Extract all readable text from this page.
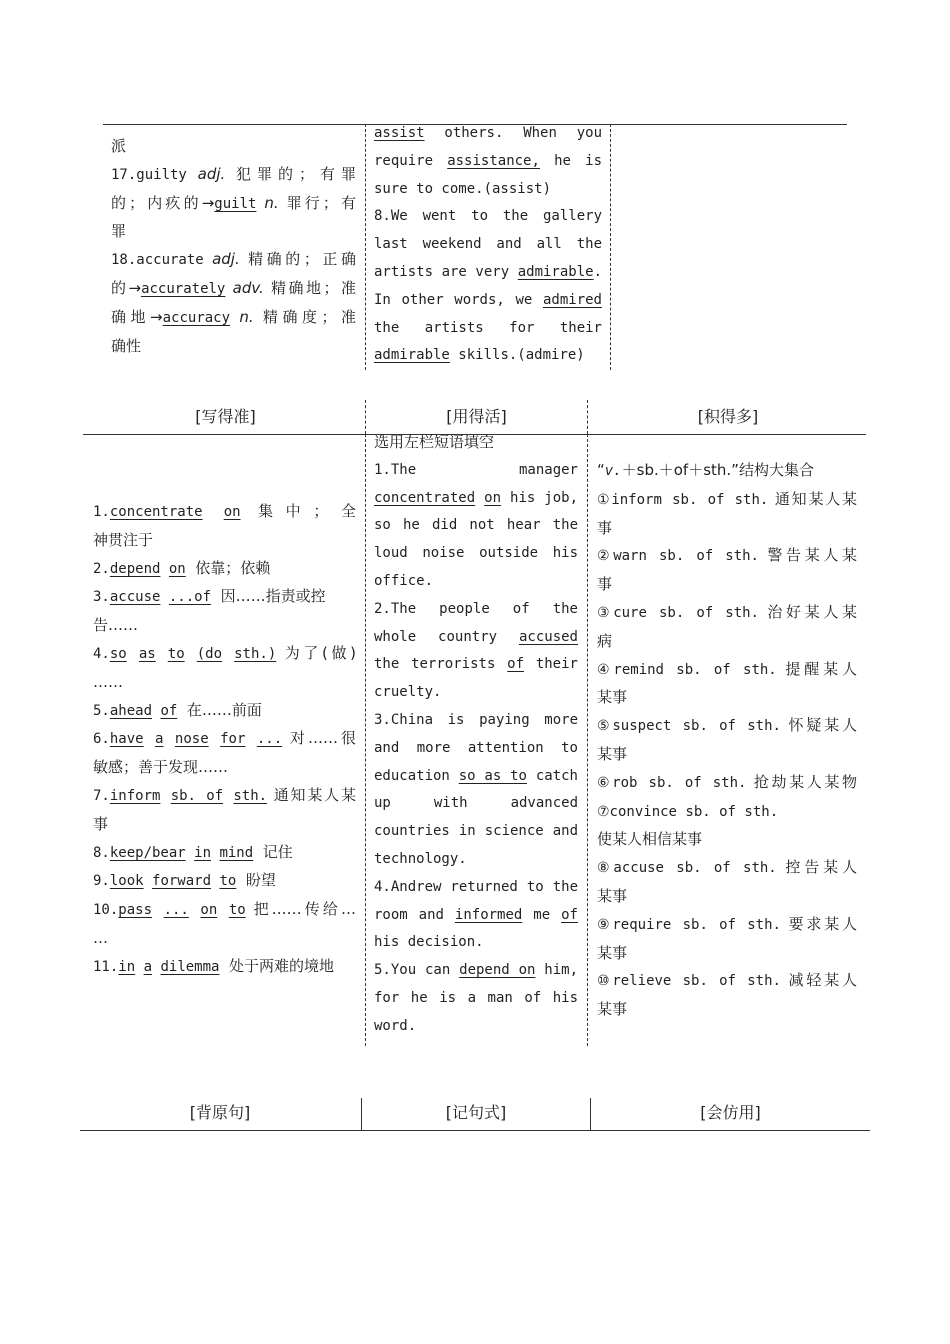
派
17.guilty adj. 犯罪的；有罪
的；内疚的→guilt n. 罪行；有
罪
18.accurate adj. 精确的；正确
的→accurately adv. 精确地；准
确地→accuracy n. 精确度；准
确性
assist others. When you
require assistance, he is
sure to come.(assist)
8.We went to the gallery
last weekend and all the
artists are very admirable.
In other words, we admired
the artists for their
admirable skills.(admire)
[写得准]	[用得活]	[积得多]
1.concentrate on 集中；全
神贯注于
2.depend on 依靠；依赖
3.accuse ...of 因……指责或控
告……
4.so as to (do sth.) 为了(做)
……
5.ahead of 在……前面
6.have a nose for ... 对……很
敏感；善于发现……
7.inform sb. of sth. 通知某人某
事
8.keep/bear in mind 记住
9.look forward to 盼望
10.pass ... on to 把……传给…
…
11.in a dilemma 处于两难的境地
选用左栏短语填空
1.The	manager
concentrated on his job,
so he did not hear the
loud noise outside his
office.
2.The people of the
whole country accused
the terrorists of their
cruelty.
3.China is paying more
and more attention to
education so as to catch
up with advanced
countries in science and
technology.
4.Andrew returned to the
room and informed me of
his decision.
5.You can depend on him,
for he is a man of his
word.
“v.＋sb.＋of＋sth.”结构大集合
①inform sb. of sth. 通知某人某
事
②warn sb. of sth. 警告某人某
事
③cure sb. of sth. 治好某人某
病
④remind sb. of sth. 提醒某人
某事
⑤suspect sb. of sth. 怀疑某人
某事
⑥rob sb. of sth. 抢劫某人某物
⑦convince sb. of sth.
使某人相信某事
⑧accuse sb. of sth. 控告某人
某事
⑨require sb. of sth. 要求某人
某事
⑩relieve sb. of sth. 减轻某人
某事
[背原句]	[记句式]	[会仿用]
